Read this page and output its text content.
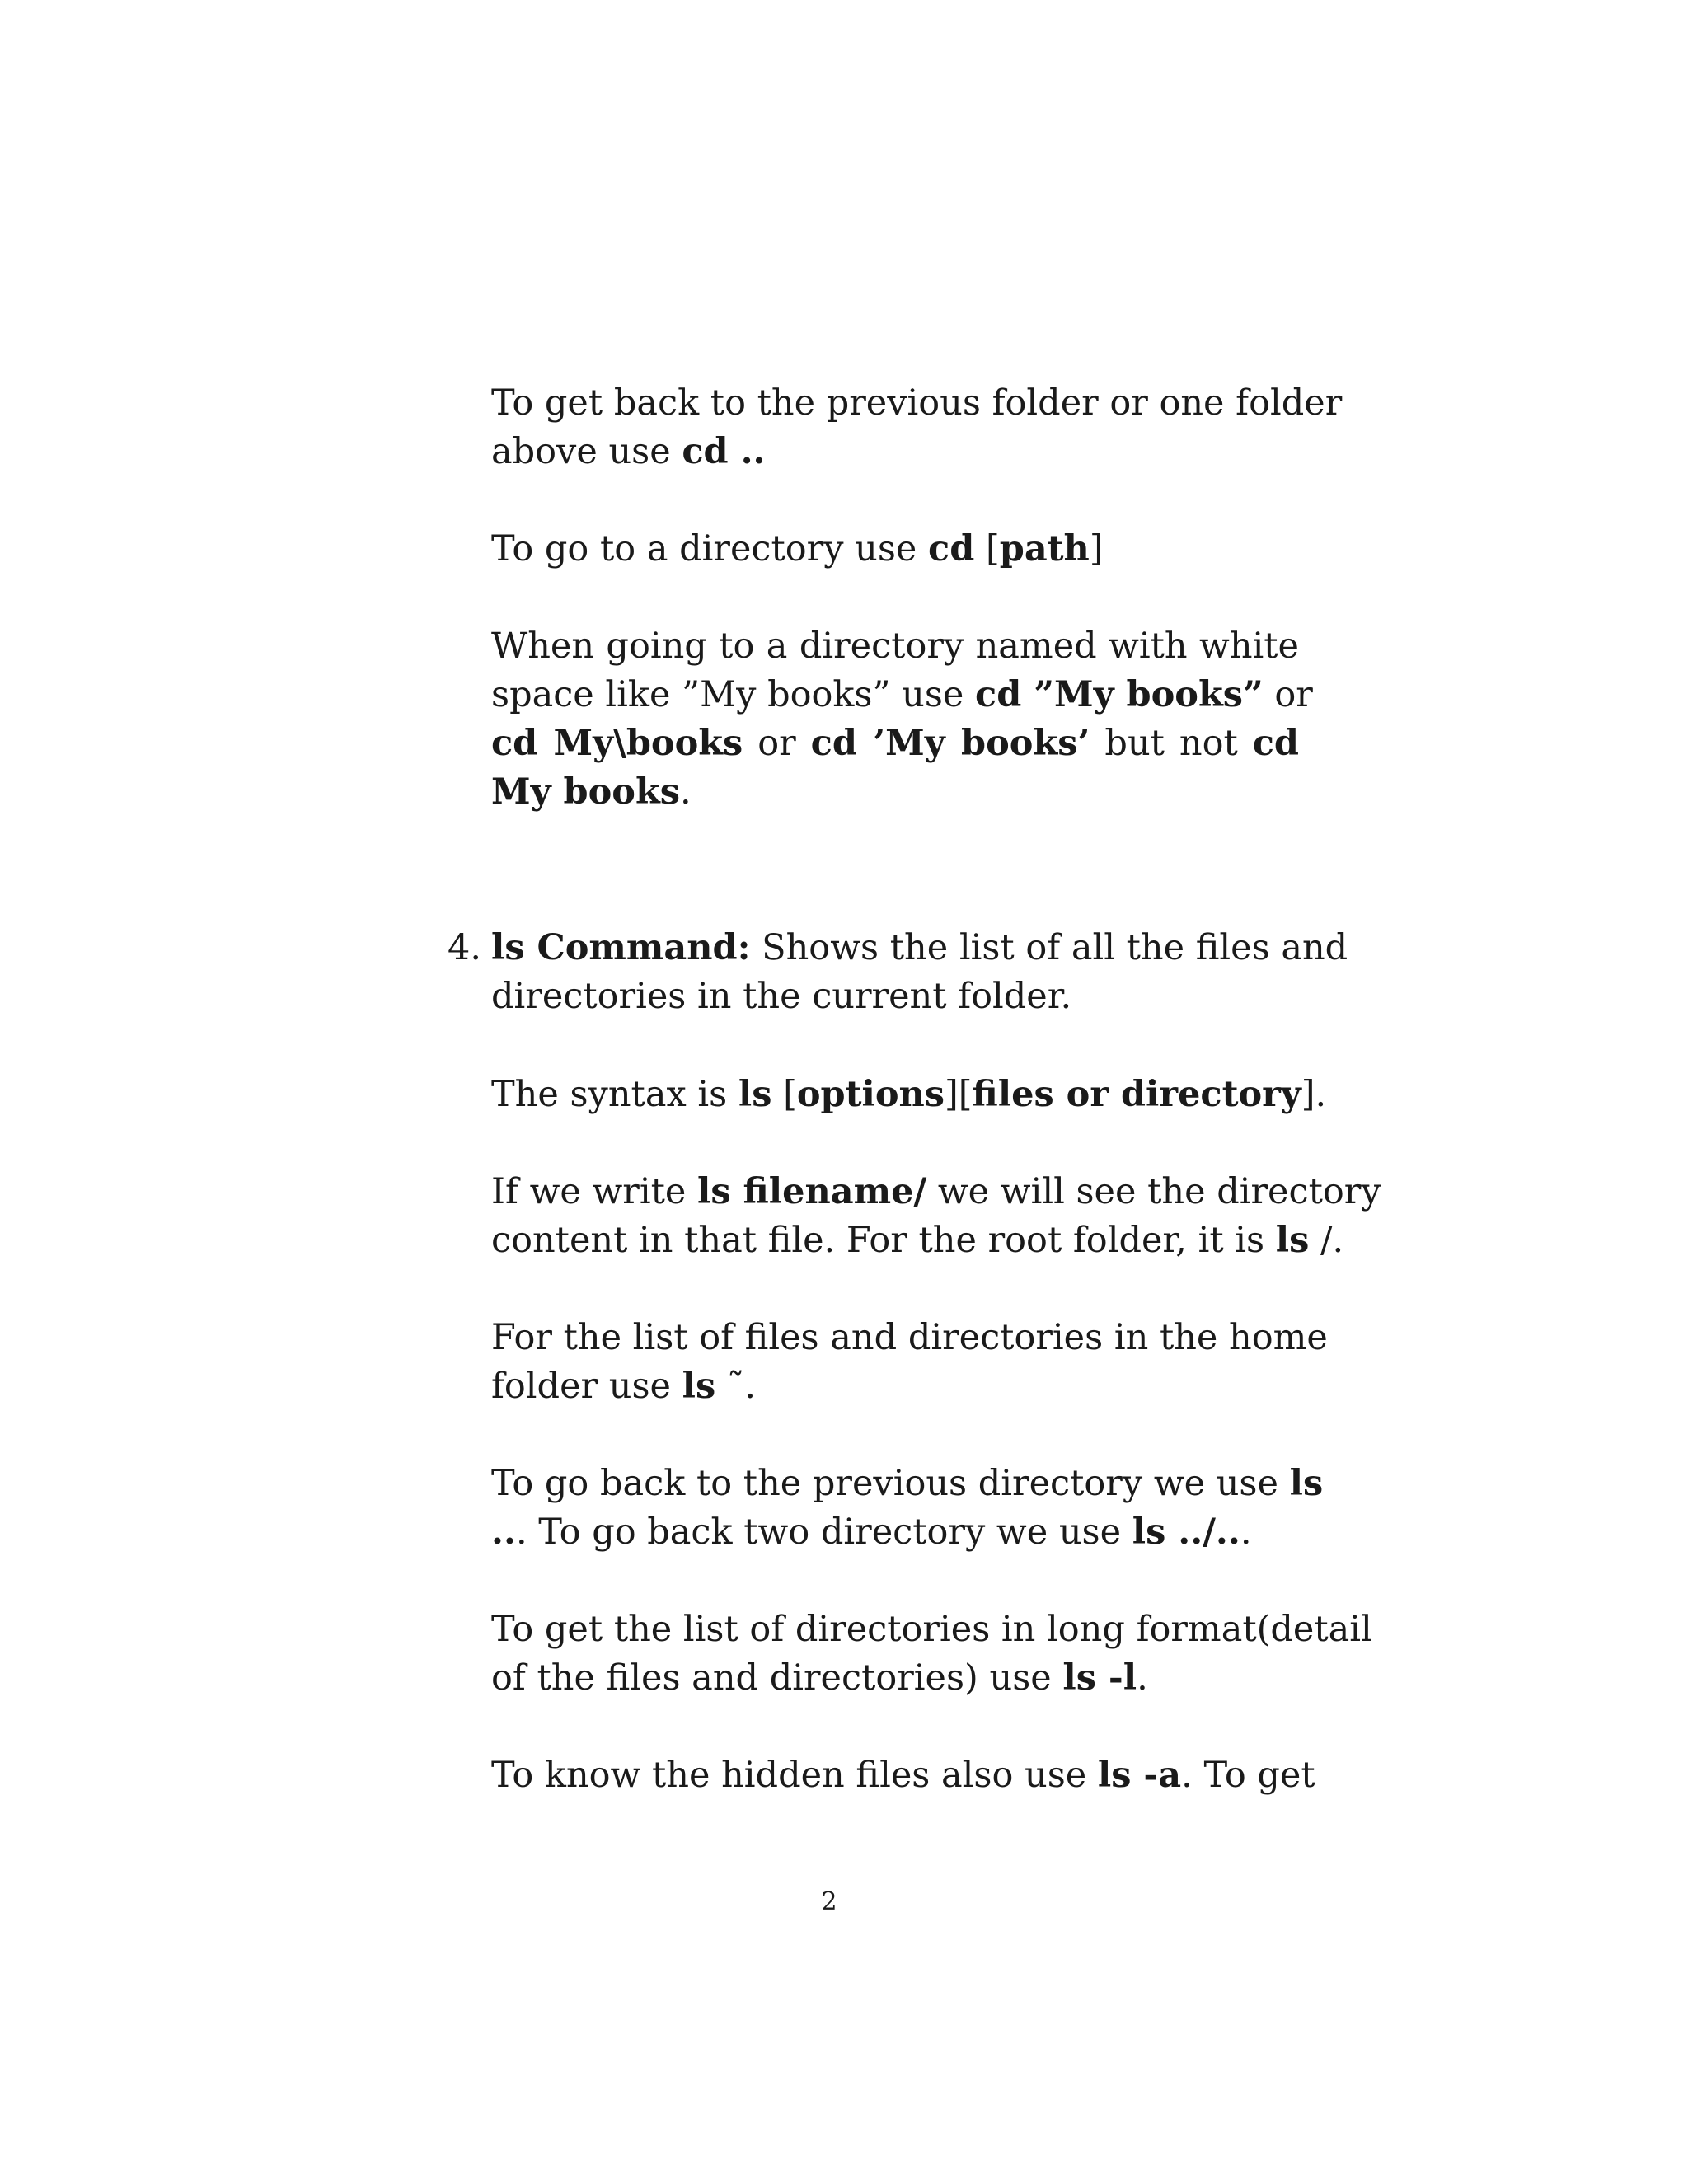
To get back to the previous folder or one folder
above use cd ..
To go to a directory use cd [path]
When going to a directory named with white
space like ”My books” use cd ”My books” or
cd My\books or cd ’My books’ but not cd
My books.
4. ls Command: Shows the list of all the files and
directories in the current folder.
The syntax is ls [options][files or directory].
If we write ls filename/ we will see the directory
content in that file. For the root folder, it is ls /.
For the list of files and directories in the home
folder use ls ˜.
To go back to the previous directory we use ls
... To go back two directory we use ls ../...
To get the list of directories in long format(detail
of the files and directories) use ls -l.
To know the hidden files also use ls -a. To get
2
